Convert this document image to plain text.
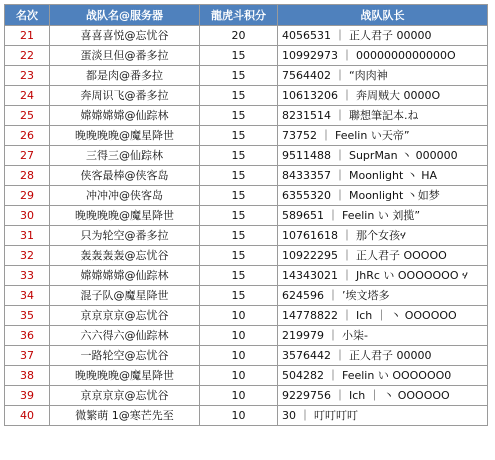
名次	战队名@服务器	龍虎斗积分	战队队长
21	喜喜喜悦@忘忧谷	20	4056531 ｜ 正人君子 00000
22	蛋淡旦但@番多拉	15	10992973 ｜ 0000000000000O
23	都是肉@番多拉	15	7564402 ｜ “肉肉神
24	奔周识飞@番多拉	15	10613206 ｜ 奔周贼大 0000O
25	嫦嫦嫦嫦@仙踪林	15	8231514 ｜ 聯想筆記本.ね
26	晚晚晚晚@魔星降世	15	73752 ｜ Feelin い天帝”
27	三得三@仙踪林	15	9511488 ｜ SuprMan 丶 000000
28	侠客最棒@侠客岛	15	8433357 ｜ Moonlight 丶 HA
29	冲冲冲@侠客岛	15	6355320 ｜ Moonlight 丶如梦
30	晚晚晚晚@魔星降世	15	589651 ｜ Feelin い 刘揽”
31	只为轮空@番多拉	15	10761618 ｜ 那个女孩ሃ
32	轰轰轰轰@忘忧谷	15	10922295 ｜ 正人君子 OOOOO
33	嫦嫦嫦嫦@仙踪林	15	14343021 ｜ JhRc い OOOOOOO ሃ
34	混子队@魔星降世	15	624596 ｜ ’埃文塔多
35	京京京京@忘忧谷	10	14778822 ｜ Ich ｜ 丶 OOOOOO
36	六六得六@仙踪林	10	219979 ｜ 小柒-
37	一路轮空@忘忧谷	10	3576442 ｜ 正人君子 00000
38	晚晚晚晚@魔星降世	10	504282 ｜ Feelin い OOOOOO0
39	京京京京@忘忧谷	10	9229756 ｜ Ich ｜ 丶 OOOOOO
40	微繁萌 1@寒芒先至	10	30 ｜ 叮叮叮叮
